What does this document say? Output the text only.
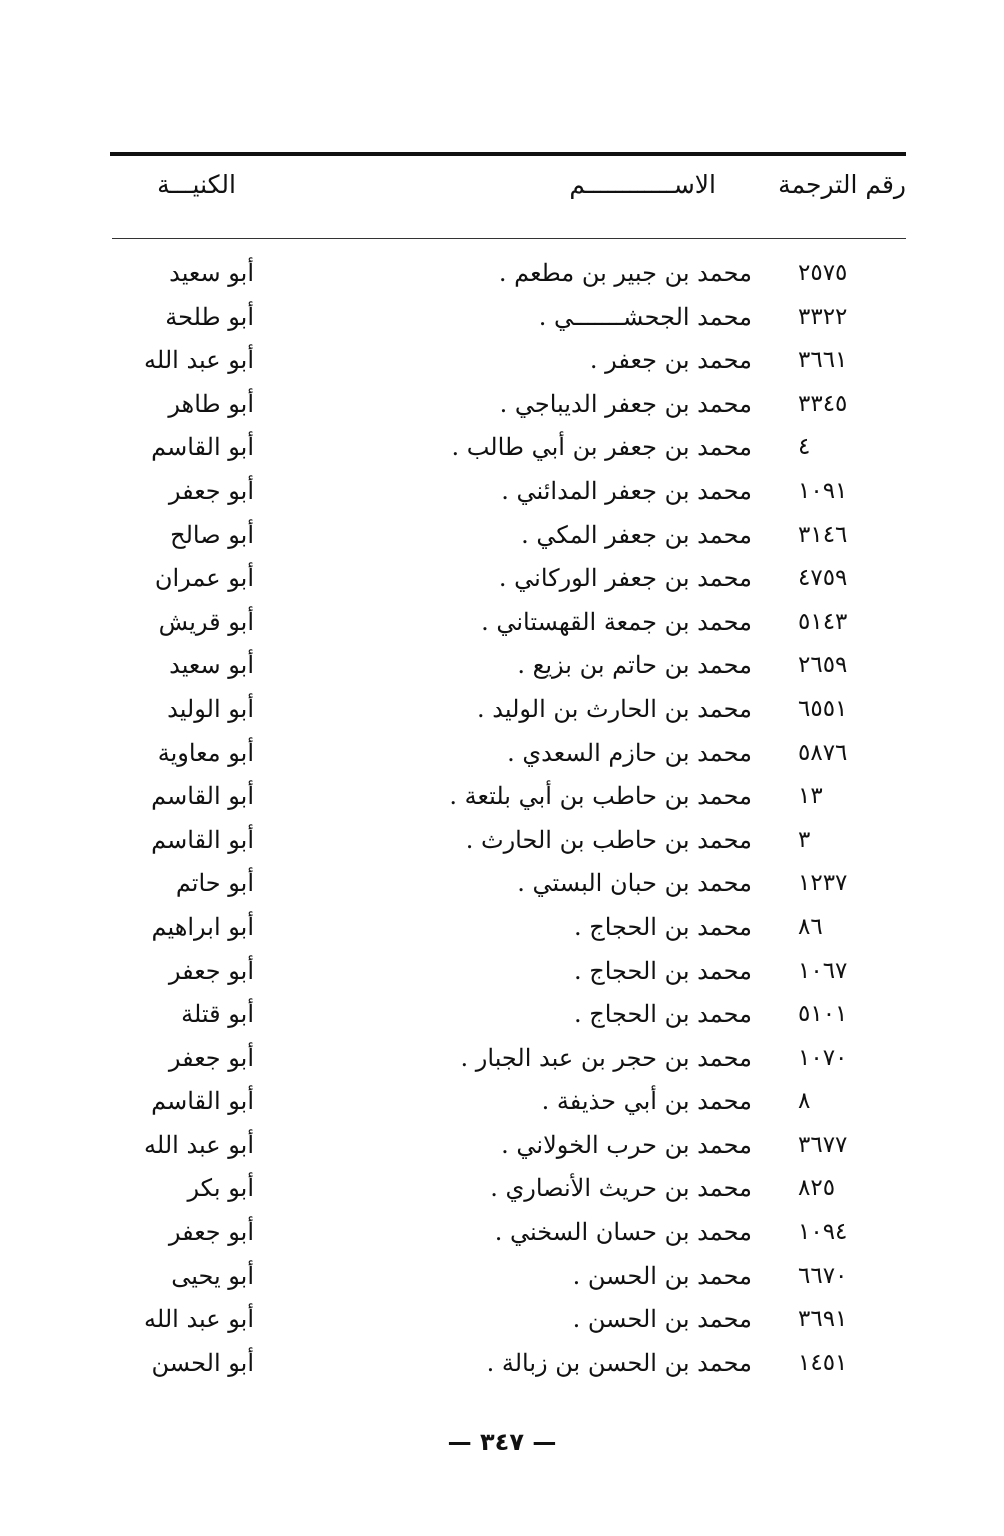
رقم الترجمة
الاســــــــــــم
الكنيـــة
٢٥٧٥
محمد بن جبير بن مطعم .
أبو سعيد
٣٣٢٢
محمد الجحشـــــــي .
أبو طلحة
٣٦٦١
محمد بن جعفر .
أبو عبد الله
٣٣٤٥
محمد بن جعفر الديباجي .
أبو طاهر
٤
محمد بن جعفر بن أبي طالب .
أبو القاسم
١٠٩١
محمد بن جعفر المدائني .
أبو جعفر
٣١٤٦
محمد بن جعفر المكي .
أبو صالح
٤٧٥٩
محمد بن جعفر الوركاني .
أبو عمران
٥١٤٣
محمد بن جمعة القهستاني .
أبو قريش
٢٦٥٩
محمد بن حاتم بن بزيع .
أبو سعيد
٦٥٥١
محمد بن الحارث بن الوليد .
أبو الوليد
٥٨٧٦
محمد بن حازم السعدي .
أبو معاوية
١٣
محمد بن حاطب بن أبي بلتعة .
أبو القاسم
٣
محمد بن حاطب بن الحارث .
أبو القاسم
١٢٣٧
محمد بن حبان البستي .
أبو حاتم
٨٦
محمد بن الحجاج .
أبو ابراهيم
١٠٦٧
محمد بن الحجاج .
أبو جعفر
٥١٠١
محمد بن الحجاج .
أبو قتلة
١٠٧٠
محمد بن حجر بن عبد الجبار .
أبو جعفر
٨
محمد بن أبي حذيفة .
أبو القاسم
٣٦٧٧
محمد بن حرب الخولاني .
أبو عبد الله
٨٢٥
محمد بن حريث الأنصاري .
أبو بكر
١٠٩٤
محمد بن حسان السخني .
أبو جعفر
٦٦٧٠
محمد بن الحسن .
أبو يحيى
٣٦٩١
محمد بن الحسن .
أبو عبد الله
١٤٥١
محمد بن الحسن بن زبالة .
أبو الحسن
— ٣٤٧ —
